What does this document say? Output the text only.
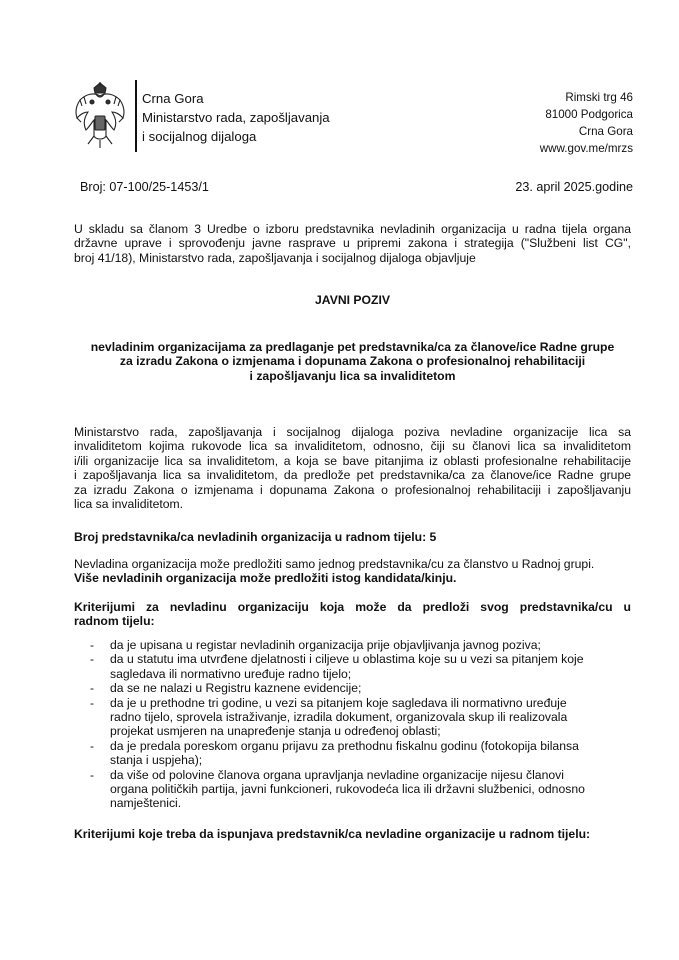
Crna Gora
Ministarstvo rada, zapošljavanja
i socijalnog dijaloga
Rimski trg 46
81000 Podgorica
Crna Gora
www.gov.me/mrzs
Broj: 07-100/25-1453/1	23. april 2025.godine
U skladu sa članom 3 Uredbe o izboru predstavnika nevladinih organizacija u radna tijela organa
državne uprave i sprovođenju javne rasprave u pripremi zakona i strategija ("Službeni list CG",
broj 41/18), Ministarstvo rada, zapošljavanja i socijalnog dijaloga objavljuje
JAVNI POZIV
nevladinim organizacijama za predlaganje pet predstavnika/ca za članove/ice Radne grupe
za izradu Zakona o izmjenama i dopunama Zakona o profesionalnoj rehabilitaciji
i zapošljavanju lica sa invaliditetom
Ministarstvo rada, zapošljavanja i socijalnog dijaloga poziva nevladine organizacije lica sa
invaliditetom kojima rukovode lica sa invaliditetom, odnosno, čiji su članovi lica sa invaliditetom
i/ili organizacije lica sa invaliditetom, a koja se bave pitanjima iz oblasti profesionalne rehabilitacije
i zapošljavanja lica sa invaliditetom, da predlože pet predstavnika/ca za članove/ice Radne grupe
za izradu Zakona o izmjenama i dopunama Zakona o profesionalnoj rehabilitaciji i zapošljavanju
lica sa invaliditetom.
Broj predstavnika/ca nevladinih organizacija u radnom tijelu: 5
Nevladina organizacija može predložiti samo jednog predstavnika/cu za članstvo u Radnoj grupi.
Više nevladinih organizacija može predložiti istog kandidata/kinju.
Kriterijumi za nevladinu organizaciju koja može da predloži svog predstavnika/cu u
radnom tijelu:
- da je upisana u registar nevladinih organizacija prije objavljivanja javnog poziva;
- da u statutu ima utvrđene djelatnosti i ciljeve u oblastima koje su u vezi sa pitanjem koje
sagledava ili normativno uređuje radno tijelo;
- da se ne nalazi u Registru kaznene evidencije;
- da je u prethodne tri godine, u vezi sa pitanjem koje sagledava ili normativno uređuje
radno tijelo, sprovela istraživanje, izradila dokument, organizovala skup ili realizovala
projekat usmjeren na unapređenje stanja u određenoj oblasti;
- da je predala poreskom organu prijavu za prethodnu fiskalnu godinu (fotokopija bilansa
stanja i uspjeha);
- da više od polovine članova organa upravljanja nevladine organizacije nijesu članovi
organa političkih partija, javni funkcioneri, rukovodeća lica ili državni službenici, odnosno
namještenici.
Kriterijumi koje treba da ispunjava predstavnik/ca nevladine organizacije u radnom tijelu:
